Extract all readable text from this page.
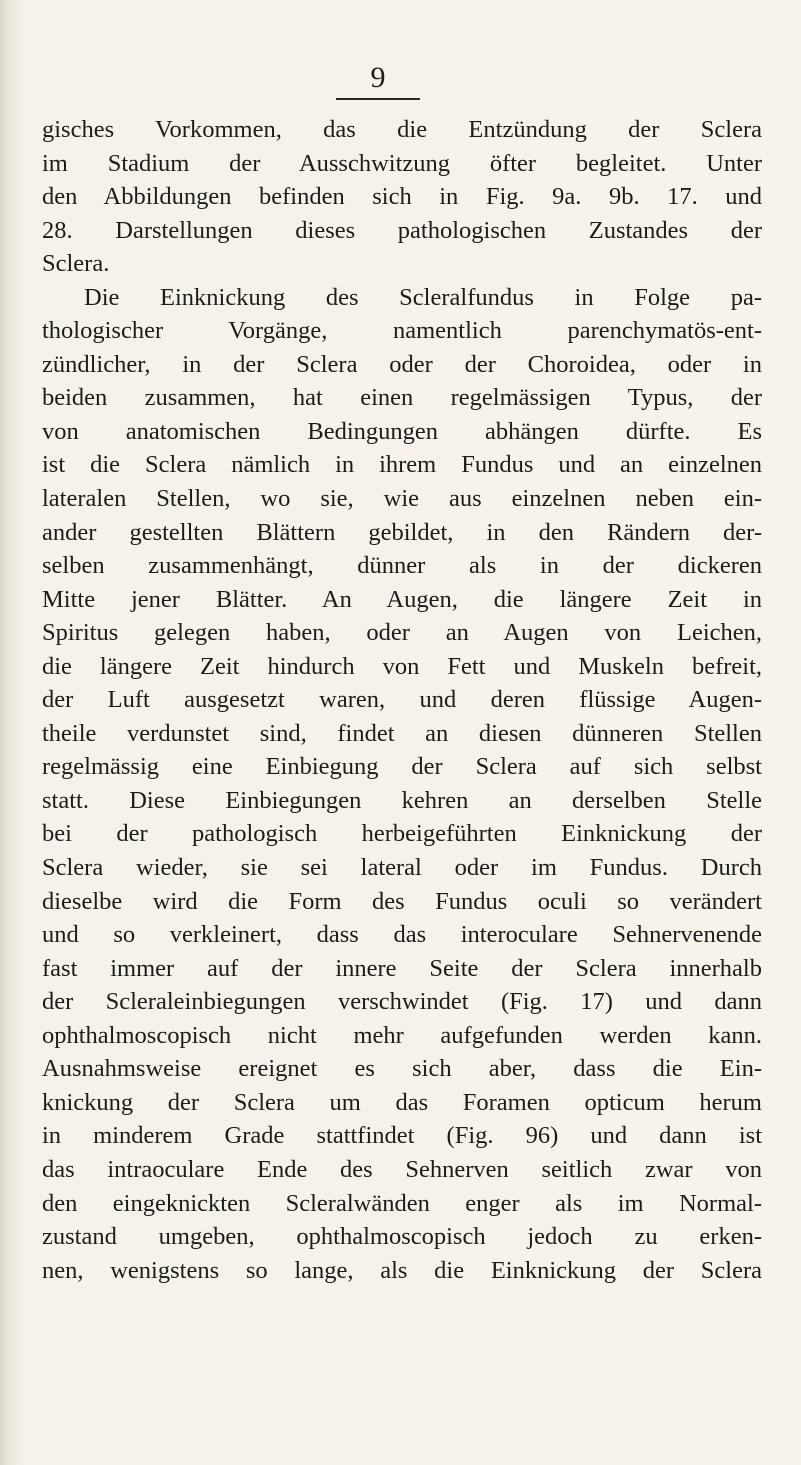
9
gisches Vorkommen, das die Entzündung der Sclera
im Stadium der Ausschwitzung öfter begleitet. Unter
den Abbildungen befinden sich in Fig. 9a. 9b. 17. und
28. Darstellungen dieses pathologischen Zustandes der
Sclera.
Die Einknickung des Scleralfundus in Folge pa-
thologischer Vorgänge, namentlich parenchymatös-ent-
zündlicher, in der Sclera oder der Choroidea, oder in
beiden zusammen, hat einen regelmässigen Typus, der
von anatomischen Bedingungen abhängen dürfte. Es
ist die Sclera nämlich in ihrem Fundus und an einzelnen
lateralen Stellen, wo sie, wie aus einzelnen neben ein-
ander gestellten Blättern gebildet, in den Rändern der-
selben zusammenhängt, dünner als in der dickeren
Mitte jener Blätter. An Augen, die längere Zeit in
Spiritus gelegen haben, oder an Augen von Leichen,
die längere Zeit hindurch von Fett und Muskeln befreit,
der Luft ausgesetzt waren, und deren flüssige Augen-
theile verdunstet sind, findet an diesen dünneren Stellen
regelmässig eine Einbiegung der Sclera auf sich selbst
statt. Diese Einbiegungen kehren an derselben Stelle
bei der pathologisch herbeigeführten Einknickung der
Sclera wieder, sie sei lateral oder im Fundus. Durch
dieselbe wird die Form des Fundus oculi so verändert
und so verkleinert, dass das interoculare Sehnervenende
fast immer auf der innere Seite der Sclera innerhalb
der Scleraleinbiegungen verschwindet (Fig. 17) und dann
ophthalmoscopisch nicht mehr aufgefunden werden kann.
Ausnahmsweise ereignet es sich aber, dass die Ein-
knickung der Sclera um das Foramen opticum herum
in minderem Grade stattfindet (Fig. 96) und dann ist
das intraoculare Ende des Sehnerven seitlich zwar von
den eingeknickten Scleralwänden enger als im Normal-
zustand umgeben, ophthalmoscopisch jedoch zu erken-
nen, wenigstens so lange, als die Einknickung der Sclera
